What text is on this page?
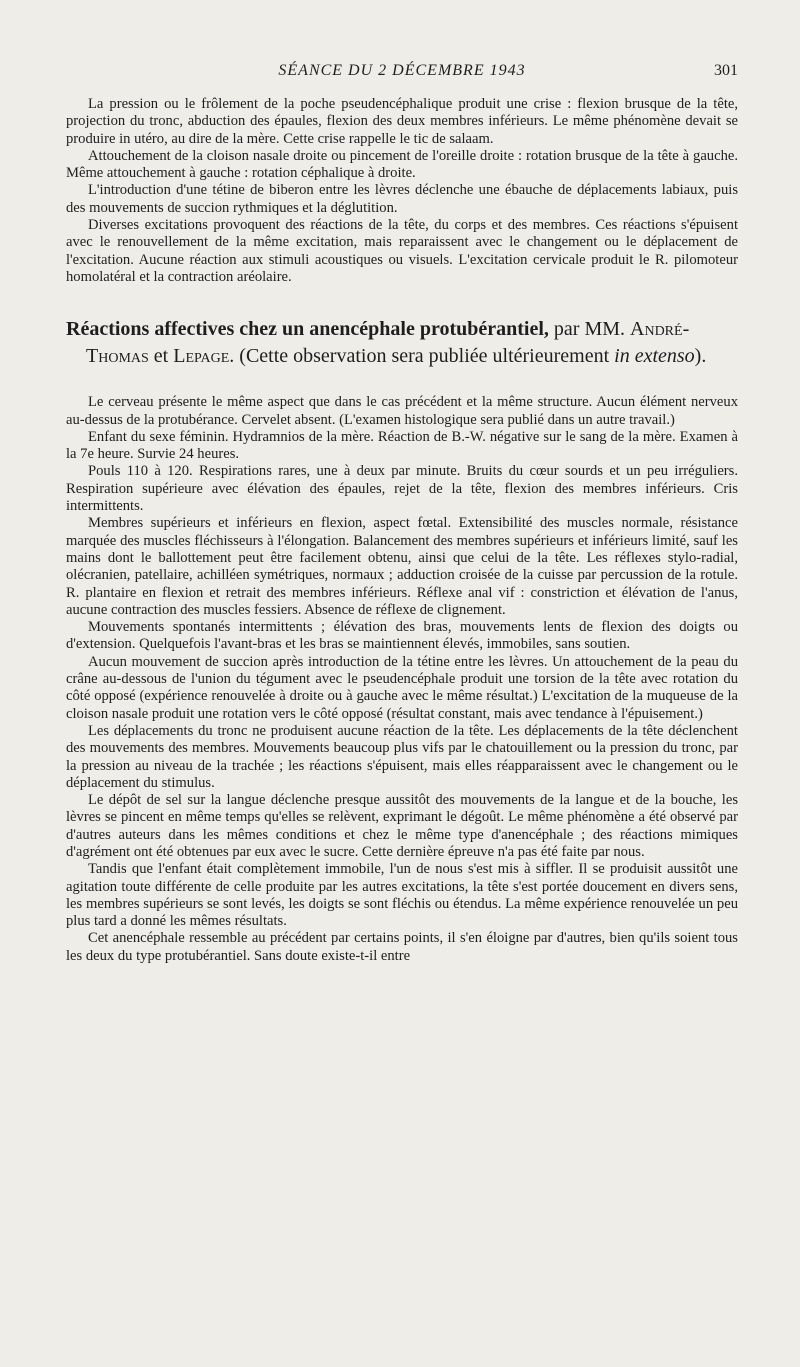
SÉANCE DU 2 DÉCEMBRE 1943	301

La pression ou le frôlement de la poche pseudencéphalique produit une crise : flexion brusque de la tête, projection du tronc, abduction des épaules, flexion des deux membres inférieurs. Le même phénomène devait se produire in utéro, au dire de la mère. Cette crise rappelle le tic de salaam.

Attouchement de la cloison nasale droite ou pincement de l'oreille droite : rotation brusque de la tête à gauche. Même attouchement à gauche : rotation céphalique à droite.

L'introduction d'une tétine de biberon entre les lèvres déclenche une ébauche de déplacements labiaux, puis des mouvements de succion rythmiques et la déglutition.

Diverses excitations provoquent des réactions de la tête, du corps et des membres. Ces réactions s'épuisent avec le renouvellement de la même excitation, mais reparaissent avec le changement ou le déplacement de l'excitation. Aucune réaction aux stimuli acoustiques ou visuels. L'excitation cervicale produit le R. pilomoteur homolatéral et la contraction aréolaire.

Réactions affectives chez un anencéphale protubérantiel, par MM. André-Thomas et Lepage. (Cette observation sera publiée ultérieurement in extenso).

Le cerveau présente le même aspect que dans le cas précédent et la même structure. Aucun élément nerveux au-dessus de la protubérance. Cervelet absent. (L'examen histologique sera publié dans un autre travail.)

Enfant du sexe féminin. Hydramnios de la mère. Réaction de B.-W. négative sur le sang de la mère. Examen à la 7e heure. Survie 24 heures.

Pouls 110 à 120. Respirations rares, une à deux par minute. Bruits du cœur sourds et un peu irréguliers. Respiration supérieure avec élévation des épaules, rejet de la tête, flexion des membres inférieurs. Cris intermittents.

Membres supérieurs et inférieurs en flexion, aspect fœtal. Extensibilité des muscles normale, résistance marquée des muscles fléchisseurs à l'élongation. Balancement des membres supérieurs et inférieurs limité, sauf les mains dont le ballottement peut être facilement obtenu, ainsi que celui de la tête. Les réflexes stylo-radial, olécranien, patellaire, achilléen symétriques, normaux ; adduction croisée de la cuisse par percussion de la rotule. R. plantaire en flexion et retrait des membres inférieurs. Réflexe anal vif : constriction et élévation de l'anus, aucune contraction des muscles fessiers. Absence de réflexe de clignement.

Mouvements spontanés intermittents ; élévation des bras, mouvements lents de flexion des doigts ou d'extension. Quelquefois l'avant-bras et les bras se maintiennent élevés, immobiles, sans soutien.

Aucun mouvement de succion après introduction de la tétine entre les lèvres. Un attouchement de la peau du crâne au-dessous de l'union du tégument avec le pseudencéphale produit une torsion de la tête avec rotation du côté opposé (expérience renouvelée à droite ou à gauche avec le même résultat.) L'excitation de la muqueuse de la cloison nasale produit une rotation vers le côté opposé (résultat constant, mais avec tendance à l'épuisement.)

Les déplacements du tronc ne produisent aucune réaction de la tête. Les déplacements de la tête déclenchent des mouvements des membres. Mouvements beaucoup plus vifs par le chatouillement ou la pression du tronc, par la pression au niveau de la trachée ; les réactions s'épuisent, mais elles réapparaissent avec le changement ou le déplacement du stimulus.

Le dépôt de sel sur la langue déclenche presque aussitôt des mouvements de la langue et de la bouche, les lèvres se pincent en même temps qu'elles se relèvent, exprimant le dégoût. Le même phénomène a été observé par d'autres auteurs dans les mêmes conditions et chez le même type d'anencéphale ; des réactions mimiques d'agrément ont été obtenues par eux avec le sucre. Cette dernière épreuve n'a pas été faite par nous.

Tandis que l'enfant était complètement immobile, l'un de nous s'est mis à siffler. Il se produisit aussitôt une agitation toute différente de celle produite par les autres excitations, la tête s'est portée doucement en divers sens, les membres supérieurs se sont levés, les doigts se sont fléchis ou étendus. La même expérience renouvelée un peu plus tard a donné les mêmes résultats.

Cet anencéphale ressemble au précédent par certains points, il s'en éloigne par d'autres, bien qu'ils soient tous les deux du type protubérantiel. Sans doute existe-t-il entre
